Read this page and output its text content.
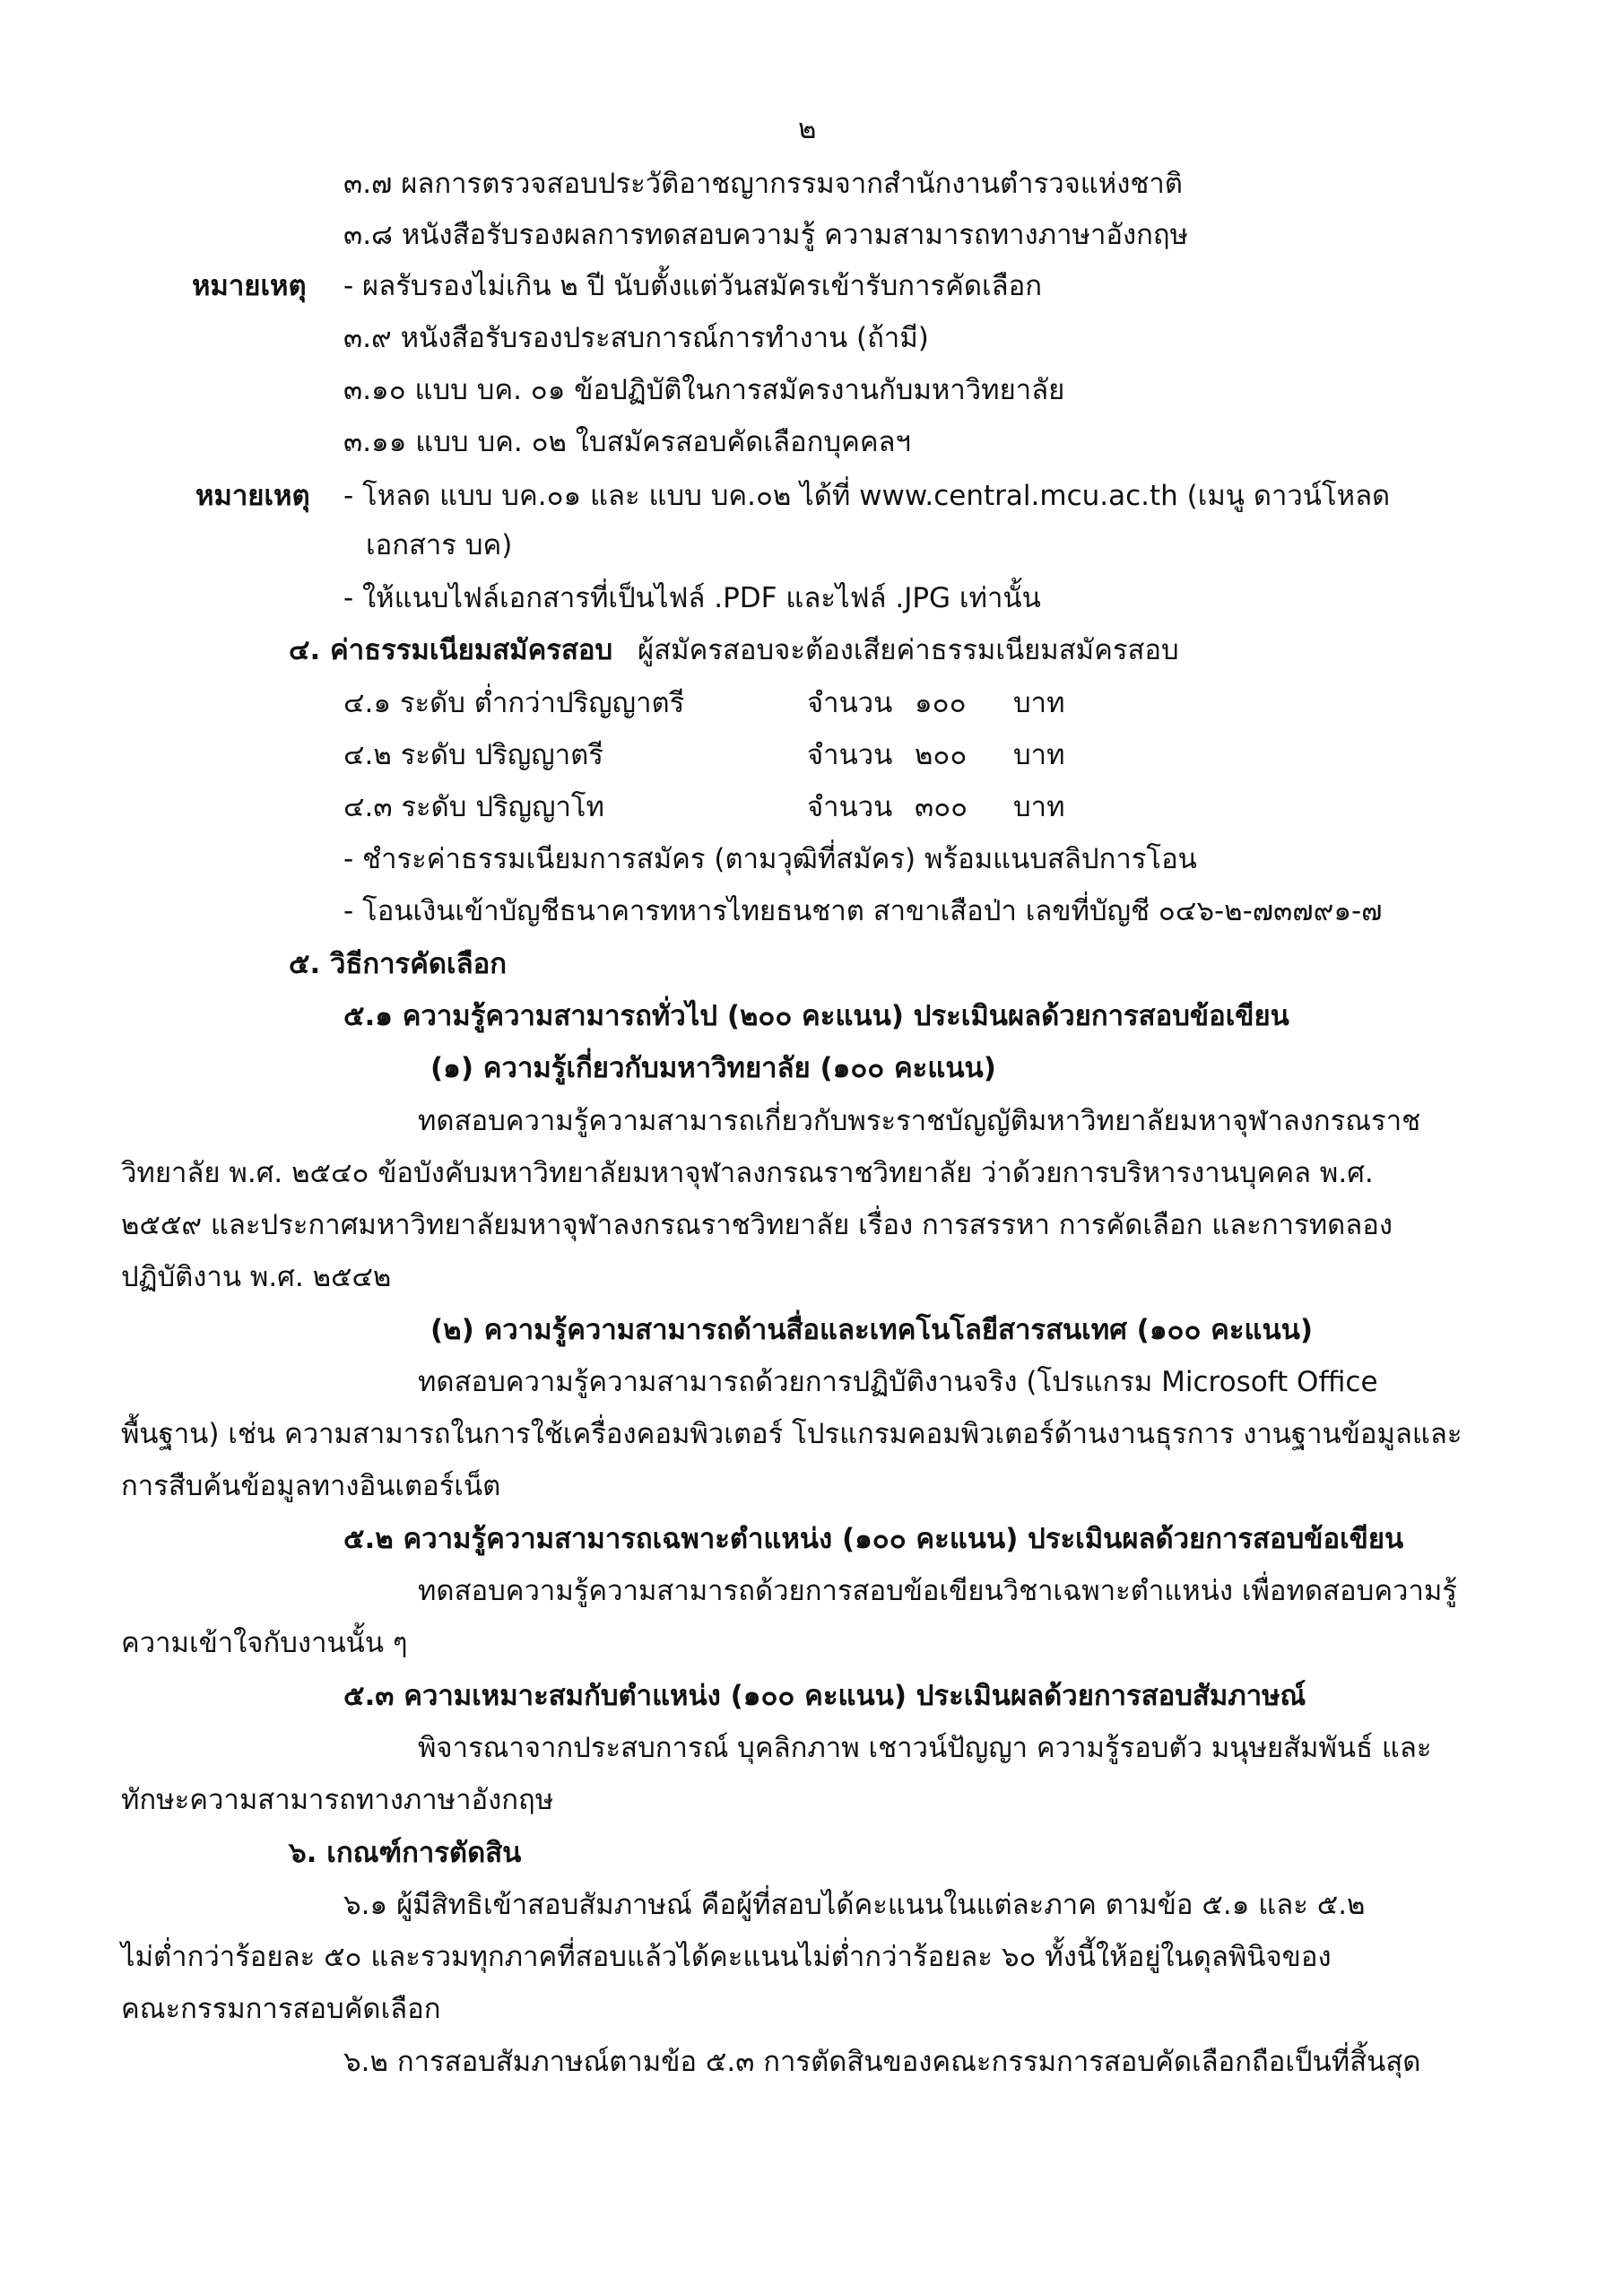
๒
๓.๗ ผลการตรวจสอบประวัติอาชญากรรมจากสำนักงานตำรวจแห่งชาติ
๓.๘ หนังสือรับรองผลการทดสอบความรู้ ความสามารถทางภาษาอังกฤษ
หมายเหตุ - ผลรับรองไม่เกิน ๒ ปี นับตั้งแต่วันสมัครเข้ารับการคัดเลือก
๓.๙ หนังสือรับรองประสบการณ์การทำงาน (ถ้ามี)
๓.๑๐ แบบ บค. ๐๑ ข้อปฏิบัติในการสมัครงานกับมหาวิทยาลัย
๓.๑๑ แบบ บค. ๐๒ ใบสมัครสอบคัดเลือกบุคคลฯ
หมายเหตุ - โหลด แบบ บค.๐๑ และ แบบ บค.๐๒ ได้ที่ www.central.mcu.ac.th (เมนู ดาวน์โหลด
เอกสาร บค)
- ให้แนบไฟล์เอกสารที่เป็นไฟล์ .PDF และไฟล์ .JPG เท่านั้น
๔. ค่าธรรมเนียมสมัครสอบ ผู้สมัครสอบจะต้องเสียค่าธรรมเนียมสมัครสอบ
๔.๑ ระดับ ต่ำกว่าปริญญาตรี	จำนวน ๑๐๐ บาท
๔.๒ ระดับ ปริญญาตรี	จำนวน ๒๐๐ บาท
๔.๓ ระดับ ปริญญาโท	จำนวน ๓๐๐ บาท
- ชำระค่าธรรมเนียมการสมัคร (ตามวุฒิที่สมัคร) พร้อมแนบสลิปการโอน
- โอนเงินเข้าบัญชีธนาคารทหารไทยธนชาต สาขาเสือป่า เลขที่บัญชี ๐๔๖-๒-๗๓๗๙๑-๗
๕. วิธีการคัดเลือก
๕.๑ ความรู้ความสามารถทั่วไป (๒๐๐ คะแนน) ประเมินผลด้วยการสอบข้อเขียน
(๑) ความรู้เกี่ยวกับมหาวิทยาลัย (๑๐๐ คะแนน)
ทดสอบความรู้ความสามารถเกี่ยวกับพระราชบัญญัติมหาวิทยาลัยมหาจุฬาลงกรณราช
วิทยาลัย พ.ศ. ๒๕๔๐ ข้อบังคับมหาวิทยาลัยมหาจุฬาลงกรณราชวิทยาลัย ว่าด้วยการบริหารงานบุคคล พ.ศ.
๒๕๕๙ และประกาศมหาวิทยาลัยมหาจุฬาลงกรณราชวิทยาลัย เรื่อง การสรรหา การคัดเลือก และการทดลอง
ปฏิบัติงาน พ.ศ. ๒๕๔๒
(๒) ความรู้ความสามารถด้านสื่อและเทคโนโลยีสารสนเทศ (๑๐๐ คะแนน)
ทดสอบความรู้ความสามารถด้วยการปฏิบัติงานจริง (โปรแกรม Microsoft Office
พื้นฐาน) เช่น ความสามารถในการใช้เครื่องคอมพิวเตอร์ โปรแกรมคอมพิวเตอร์ด้านงานธุรการ งานฐานข้อมูลและ
การสืบค้นข้อมูลทางอินเตอร์เน็ต
๕.๒ ความรู้ความสามารถเฉพาะตำแหน่ง (๑๐๐ คะแนน) ประเมินผลด้วยการสอบข้อเขียน
ทดสอบความรู้ความสามารถด้วยการสอบข้อเขียนวิชาเฉพาะตำแหน่ง เพื่อทดสอบความรู้
ความเข้าใจกับงานนั้น ๆ
๕.๓ ความเหมาะสมกับตำแหน่ง (๑๐๐ คะแนน) ประเมินผลด้วยการสอบสัมภาษณ์
พิจารณาจากประสบการณ์ บุคลิกภาพ เชาวน์ปัญญา ความรู้รอบตัว มนุษยสัมพันธ์ และ
ทักษะความสามารถทางภาษาอังกฤษ
๖. เกณฑ์การตัดสิน
๖.๑ ผู้มีสิทธิเข้าสอบสัมภาษณ์ คือผู้ที่สอบได้คะแนนในแต่ละภาค ตามข้อ ๕.๑ และ ๕.๒
ไม่ต่ำกว่าร้อยละ ๕๐ และรวมทุกภาคที่สอบแล้วได้คะแนนไม่ต่ำกว่าร้อยละ ๖๐ ทั้งนี้ให้อยู่ในดุลพินิจของ
คณะกรรมการสอบคัดเลือก
๖.๒ การสอบสัมภาษณ์ตามข้อ ๕.๓ การตัดสินของคณะกรรมการสอบคัดเลือกถือเป็นที่สิ้นสุด
